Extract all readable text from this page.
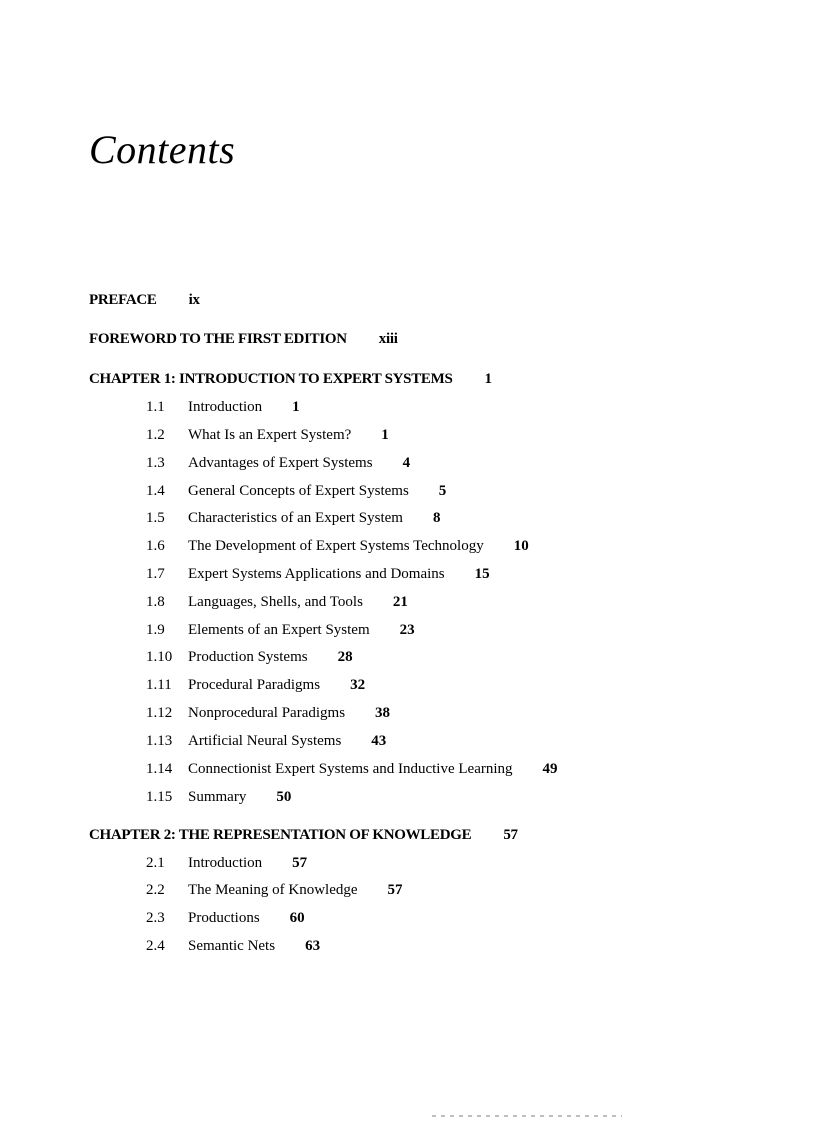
Contents
PREFACE ix
FOREWORD TO THE FIRST EDITION xiii
CHAPTER 1: INTRODUCTION TO EXPERT SYSTEMS 1
1.1 Introduction 1
1.2 What Is an Expert System? 1
1.3 Advantages of Expert Systems 4
1.4 General Concepts of Expert Systems 5
1.5 Characteristics of an Expert System 8
1.6 The Development of Expert Systems Technology 10
1.7 Expert Systems Applications and Domains 15
1.8 Languages, Shells, and Tools 21
1.9 Elements of an Expert System 23
1.10 Production Systems 28
1.11 Procedural Paradigms 32
1.12 Nonprocedural Paradigms 38
1.13 Artificial Neural Systems 43
1.14 Connectionist Expert Systems and Inductive Learning 49
1.15 Summary 50
CHAPTER 2: THE REPRESENTATION OF KNOWLEDGE 57
2.1 Introduction 57
2.2 The Meaning of Knowledge 57
2.3 Productions 60
2.4 Semantic Nets 63
